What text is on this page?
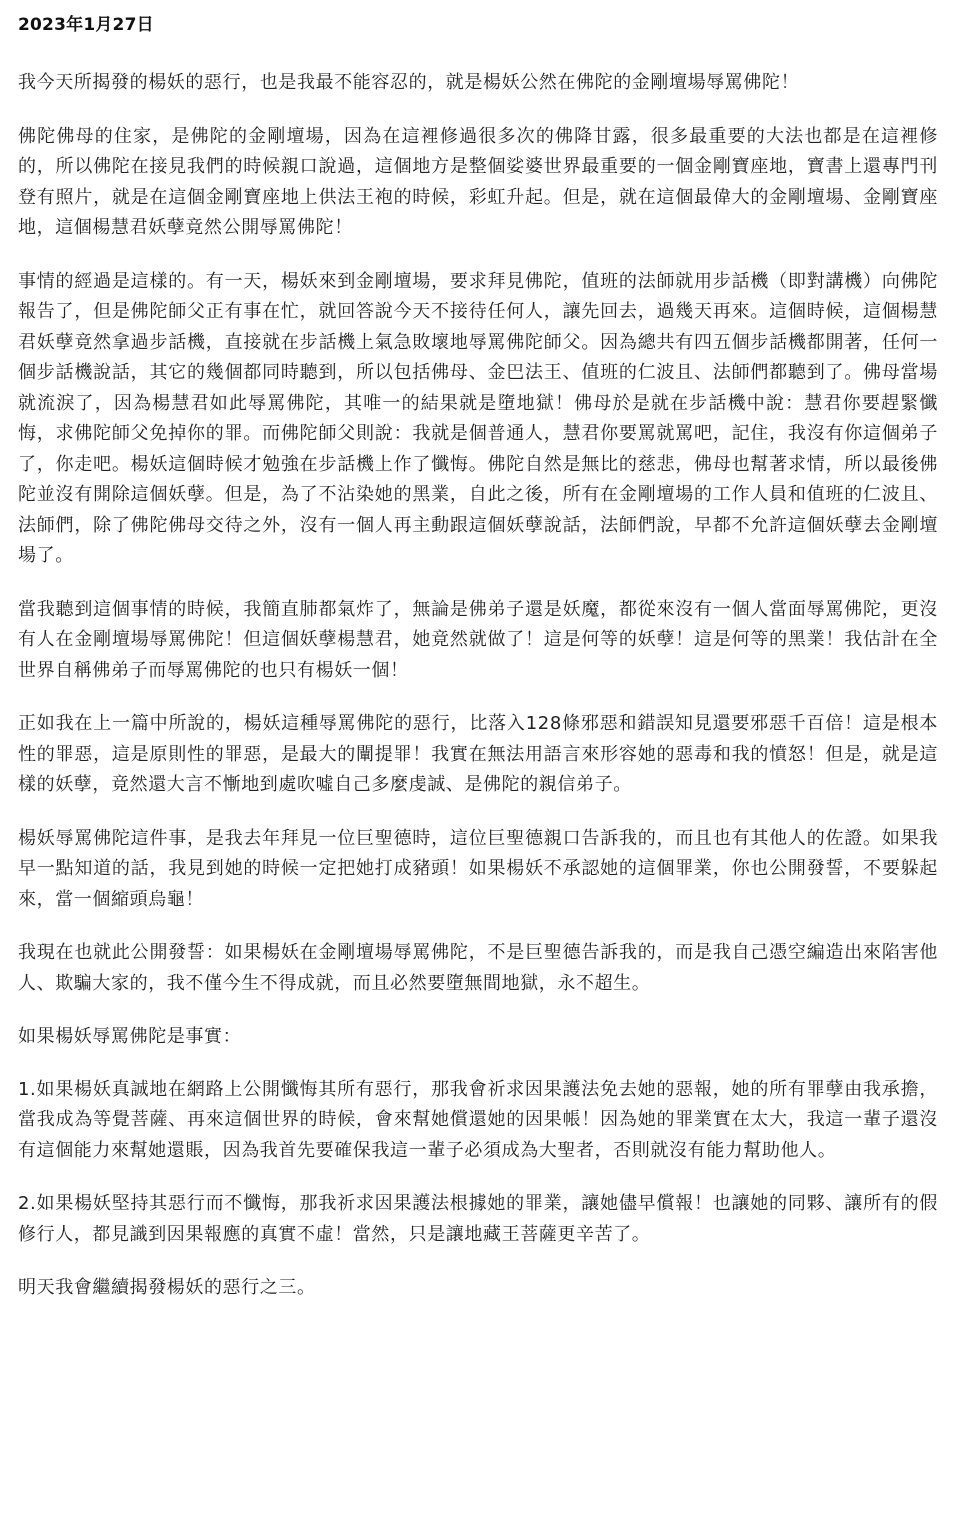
2023年1月27日

我今天所揭發的楊妖的惡行，也是我最不能容忍的，就是楊妖公然在佛陀的金剛壇場辱罵佛陀！

佛陀佛母的住家，是佛陀的金剛壇場，因為在這裡修過很多次的佛降甘露，很多最重要的大法也都是在這裡修的，所以佛陀在接見我們的時候親口說過，這個地方是整個娑婆世界最重要的一個金剛寶座地，寶書上還專門刊登有照片，就是在這個金剛寶座地上供法王袍的時候，彩虹升起。但是，就在這個最偉大的金剛壇場、金剛寶座地，這個楊慧君妖孽竟然公開辱罵佛陀！

事情的經過是這樣的。有一天，楊妖來到金剛壇場，要求拜見佛陀，值班的法師就用步話機（即對講機）向佛陀報告了，但是佛陀師父正有事在忙，就回答說今天不接待任何人，讓先回去，過幾天再來。這個時候，這個楊慧君妖孽竟然拿過步話機，直接就在步話機上氣急敗壞地辱罵佛陀師父。因為總共有四五個步話機都開著，任何一個步話機說話，其它的幾個都同時聽到，所以包括佛母、金巴法王、值班的仁波且、法師們都聽到了。佛母當場就流淚了，因為楊慧君如此辱罵佛陀，其唯一的結果就是墮地獄！佛母於是就在步話機中說：慧君你要趕緊懺悔，求佛陀師父免掉你的罪。而佛陀師父則說：我就是個普通人，慧君你要罵就罵吧，記住，我沒有你這個弟子了，你走吧。楊妖這個時候才勉強在步話機上作了懺悔。佛陀自然是無比的慈悲，佛母也幫著求情，所以最後佛陀並沒有開除這個妖孽。但是，為了不沾染她的黑業，自此之後，所有在金剛壇場的工作人員和值班的仁波且、法師們，除了佛陀佛母交待之外，沒有一個人再主動跟這個妖孽說話，法師們說，早都不允許這個妖孽去金剛壇場了。

當我聽到這個事情的時候，我簡直肺都氣炸了，無論是佛弟子還是妖魔，都從來沒有一個人當面辱罵佛陀，更沒有人在金剛壇場辱罵佛陀！但這個妖孽楊慧君，她竟然就做了！這是何等的妖孽！這是何等的黑業！我估計在全世界自稱佛弟子而辱罵佛陀的也只有楊妖一個！

正如我在上一篇中所說的，楊妖這種辱罵佛陀的惡行，比落入128條邪惡和錯誤知見還要邪惡千百倍！這是根本性的罪惡，這是原則性的罪惡，是最大的闡提罪！我實在無法用語言來形容她的惡毒和我的憤怒！但是，就是這樣的妖孽，竟然還大言不慚地到處吹噓自己多麼虔誠、是佛陀的親信弟子。

楊妖辱罵佛陀這件事，是我去年拜見一位巨聖德時，這位巨聖德親口告訴我的，而且也有其他人的佐證。如果我早一點知道的話，我見到她的時候一定把她打成豬頭！如果楊妖不承認她的這個罪業，你也公開發誓，不要躲起來，當一個縮頭烏龜！

我現在也就此公開發誓：如果楊妖在金剛壇場辱罵佛陀，不是巨聖德告訴我的，而是我自己憑空編造出來陷害他人、欺騙大家的，我不僅今生不得成就，而且必然要墮無間地獄，永不超生。

如果楊妖辱罵佛陀是事實：

1.如果楊妖真誠地在網路上公開懺悔其所有惡行，那我會祈求因果護法免去她的惡報，她的所有罪孽由我承擔，當我成為等覺菩薩、再來這個世界的時候，會來幫她償還她的因果帳！因為她的罪業實在太大，我這一輩子還沒有這個能力來幫她還賬，因為我首先要確保我這一輩子必須成為大聖者，否則就沒有能力幫助他人。

2.如果楊妖堅持其惡行而不懺悔，那我祈求因果護法根據她的罪業，讓她儘早償報！也讓她的同夥、讓所有的假修行人，都見識到因果報應的真實不虛！當然，只是讓地藏王菩薩更辛苦了。

明天我會繼續揭發楊妖的惡行之三。
